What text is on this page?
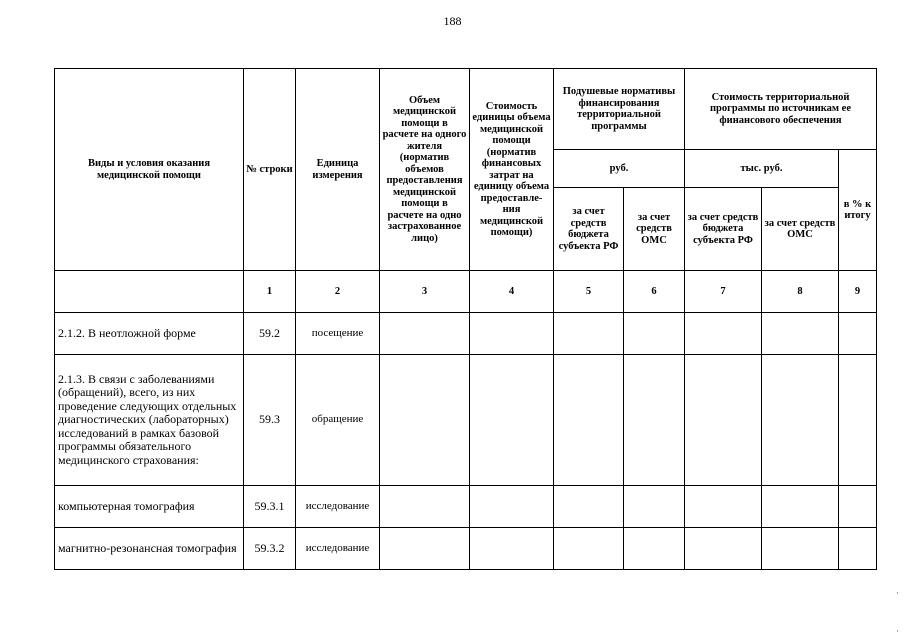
188
Виды и условия оказания медицинской помощи	№ строки	Единица измерения	Объем медицинской помощи в расчете на одного жителя (норматив объемов предоставления медицинской помощи в расчете на одно застрахованное лицо)	Стоимость единицы объема медицинской помощи (норматив финансовых затрат на единицу объема предоставле-ния медицинской помощи)	Подушевые нормативы финансирования территориальной программы		Стоимость территориальной программы по источникам ее финансового обеспечения		
					руб.		тыс. руб.		в % к итогу
					за счет средств бюджета субъекта РФ	за счет средств ОМС	за счет средств бюджета субъекта РФ	за счет средств ОМС	
	1	2	3	4	5	6	7	8	9
2.1.2. В неотложной форме	59.2	посещение							
2.1.3. В связи с заболеваниями (обращений), всего, из них проведение следующих отдельных диагностических (лабораторных) исследований в рамках базовой программы обязательного медицинского страхования:	59.3	обращение							
компьютерная томография	59.3.1	исследование							
магнитно-резонансная томография	59.3.2	исследование							
·
·
